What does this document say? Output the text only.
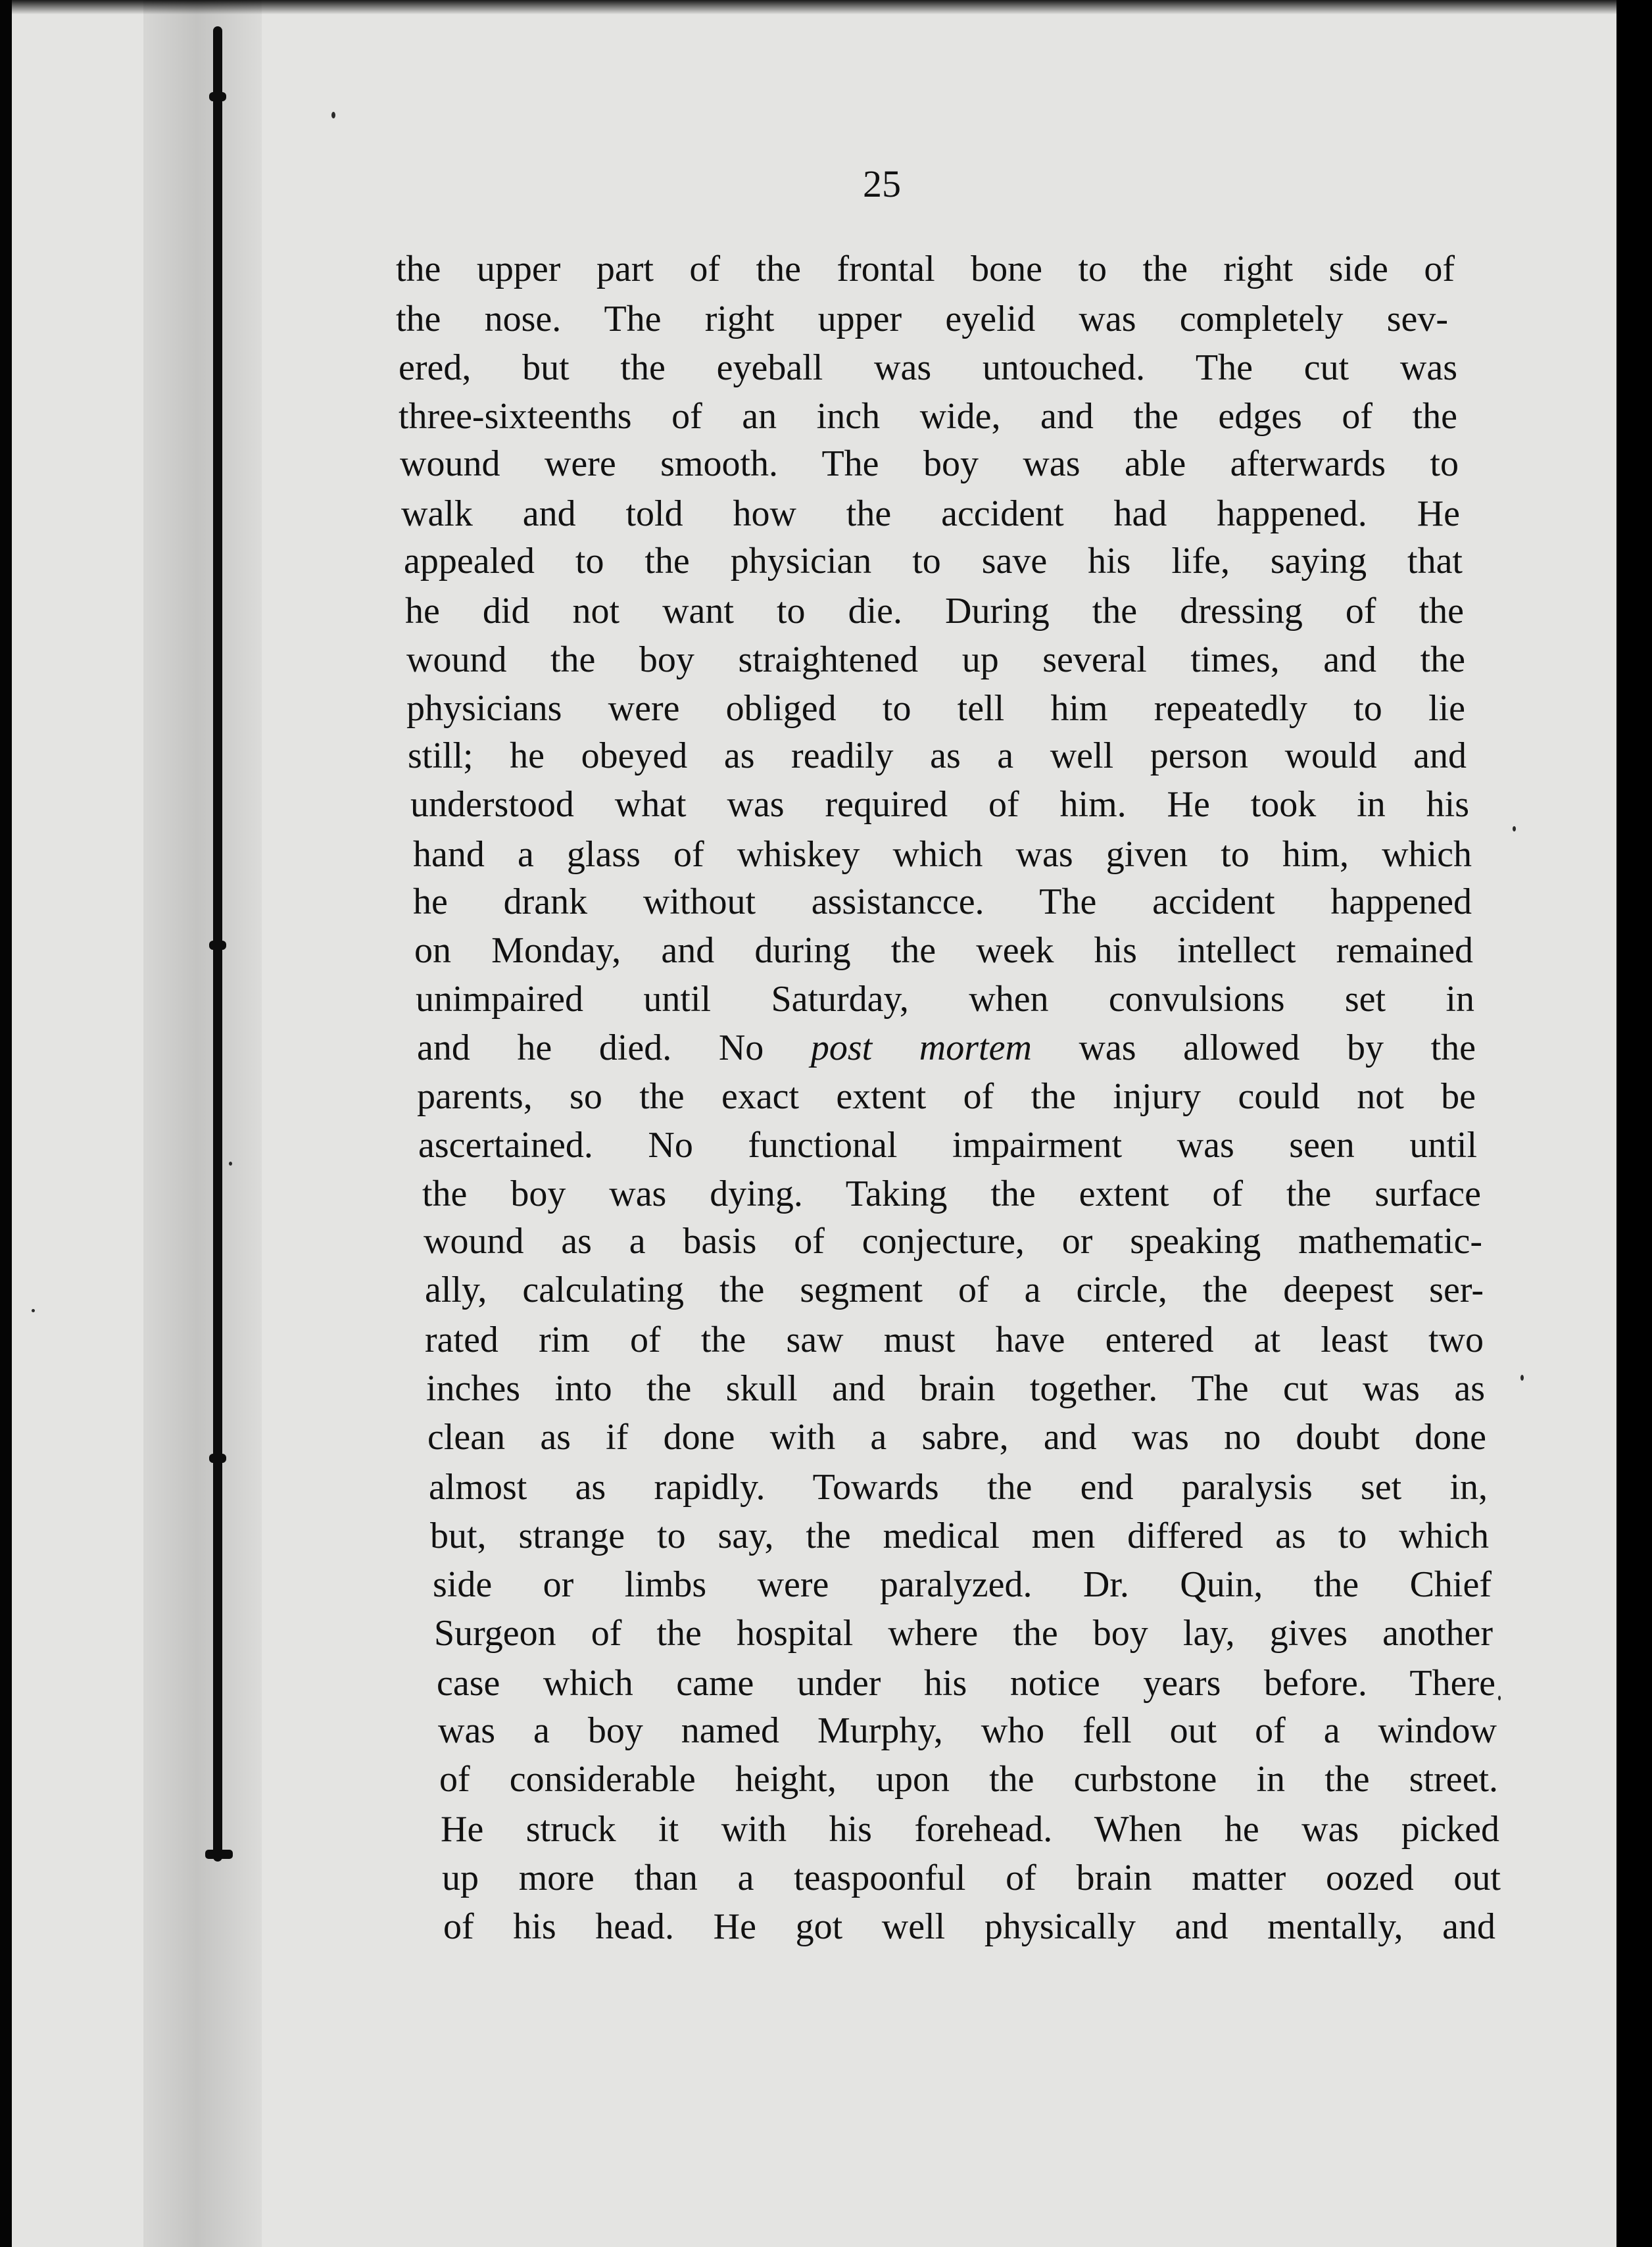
25
the upper part of the frontal bone to the right side of
the nose. The right upper eyelid was completely sev-
ered, but the eyeball was untouched. The cut was
three-sixteenths of an inch wide, and the edges of the
wound were smooth. The boy was able afterwards to
walk and told how the accident had happened. He
appealed to the physician to save his life, saying that
he did not want to die. During the dressing of the
wound the boy straightened up several times, and the
physicians were obliged to tell him repeatedly to lie
still; he obeyed as readily as a well person would and
understood what was required of him. He took in his
hand a glass of whiskey which was given to him, which
he drank without assistancce. The accident happened
on Monday, and during the week his intellect remained
unimpaired until Saturday, when convulsions set in
and he died. No post mortem was allowed by the
parents, so the exact extent of the injury could not be
ascertained. No functional impairment was seen until
the boy was dying. Taking the extent of the surface
wound as a basis of conjecture, or speaking mathematic-
ally, calculating the segment of a circle, the deepest ser-
rated rim of the saw must have entered at least two
inches into the skull and brain together. The cut was as
clean as if done with a sabre, and was no doubt done
almost as rapidly. Towards the end paralysis set in,
but, strange to say, the medical men differed as to which
side or limbs were paralyzed. Dr. Quin, the Chief
Surgeon of the hospital where the boy lay, gives another
case which came under his notice years before. There
was a boy named Murphy, who fell out of a window
of considerable height, upon the curbstone in the street.
He struck it with his forehead. When he was picked
up more than a teaspoonful of brain matter oozed out
of his head. He got well physically and mentally, and
